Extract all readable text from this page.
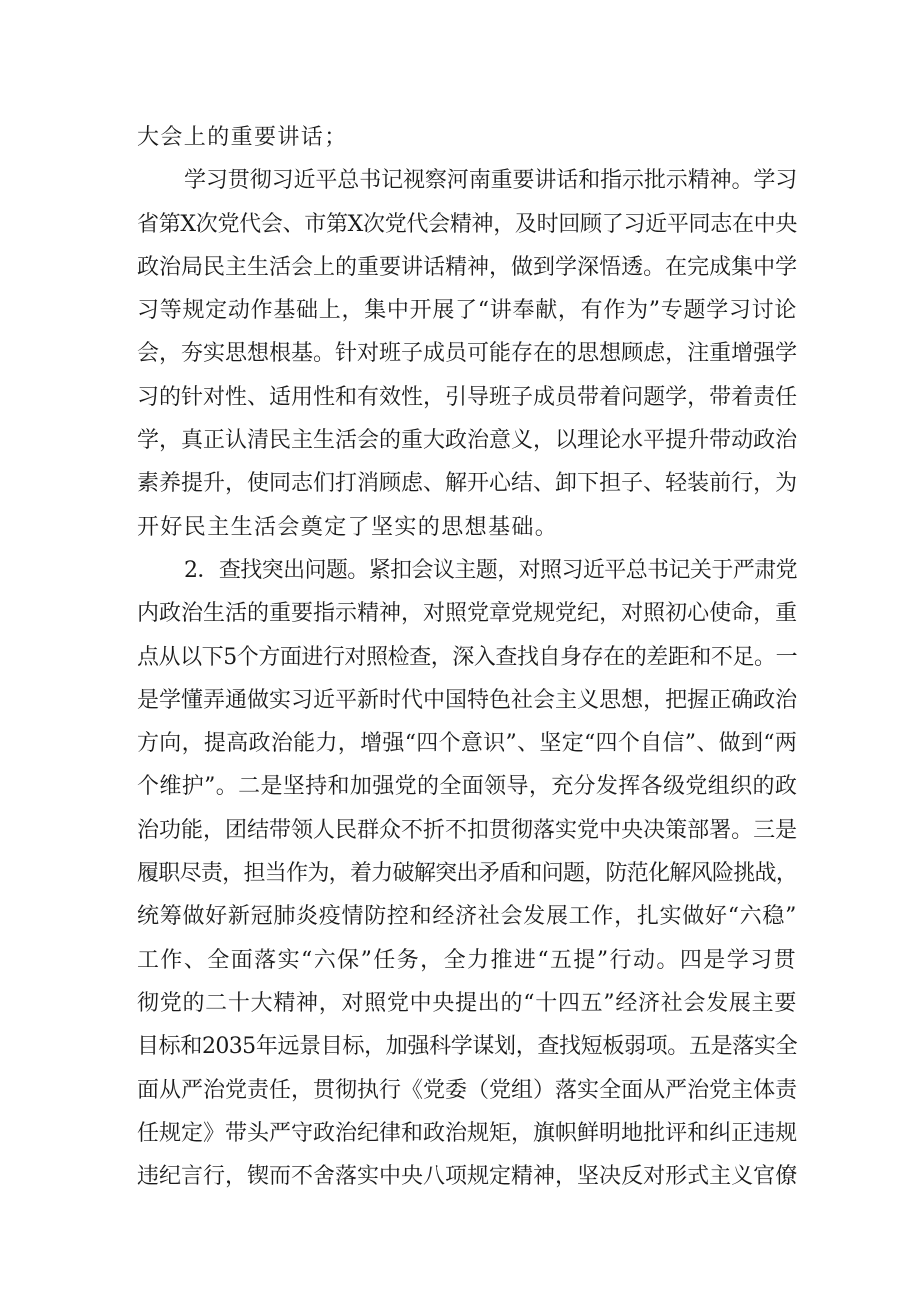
大会上的重要讲话；

学习贯彻习近平总书记视察河南重要讲话和指示批示精神。学习
省第X次党代会、市第X次党代会精神，及时回顾了习近平同志在中央
政治局民主生活会上的重要讲话精神，做到学深悟透。在完成集中学
习等规定动作基础上，集中开展了“讲奉献，有作为”专题学习讨论
会，夯实思想根基。针对班子成员可能存在的思想顾虑，注重增强学
习的针对性、适用性和有效性，引导班子成员带着问题学，带着责任
学，真正认清民主生活会的重大政治意义，以理论水平提升带动政治
素养提升，使同志们打消顾虑、解开心结、卸下担子、轻装前行，为
开好民主生活会奠定了坚实的思想基础。

2．查找突出问题。紧扣会议主题，对照习近平总书记关于严肃党
内政治生活的重要指示精神，对照党章党规党纪，对照初心使命，重
点从以下5个方面进行对照检查，深入查找自身存在的差距和不足。一
是学懂弄通做实习近平新时代中国特色社会主义思想，把握正确政治
方向，提高政治能力，增强“四个意识”、坚定“四个自信”、做到“两
个维护”。二是坚持和加强党的全面领导，充分发挥各级党组织的政
治功能，团结带领人民群众不折不扣贯彻落实党中央决策部署。三是
履职尽责，担当作为，着力破解突出矛盾和问题，防范化解风险挑战，
统筹做好新冠肺炎疫情防控和经济社会发展工作，扎实做好“六稳”
工作、全面落实“六保”任务，全力推进“五提”行动。四是学习贯
彻党的二十大精神，对照党中央提出的“十四五”经济社会发展主要
目标和2035年远景目标，加强科学谋划，查找短板弱项。五是落实全
面从严治党责任，贯彻执行《党委（党组）落实全面从严治党主体责
任规定》带头严守政治纪律和政治规矩，旗帜鲜明地批评和纠正违规
违纪言行，锲而不舍落实中央八项规定精神，坚决反对形式主义官僚
